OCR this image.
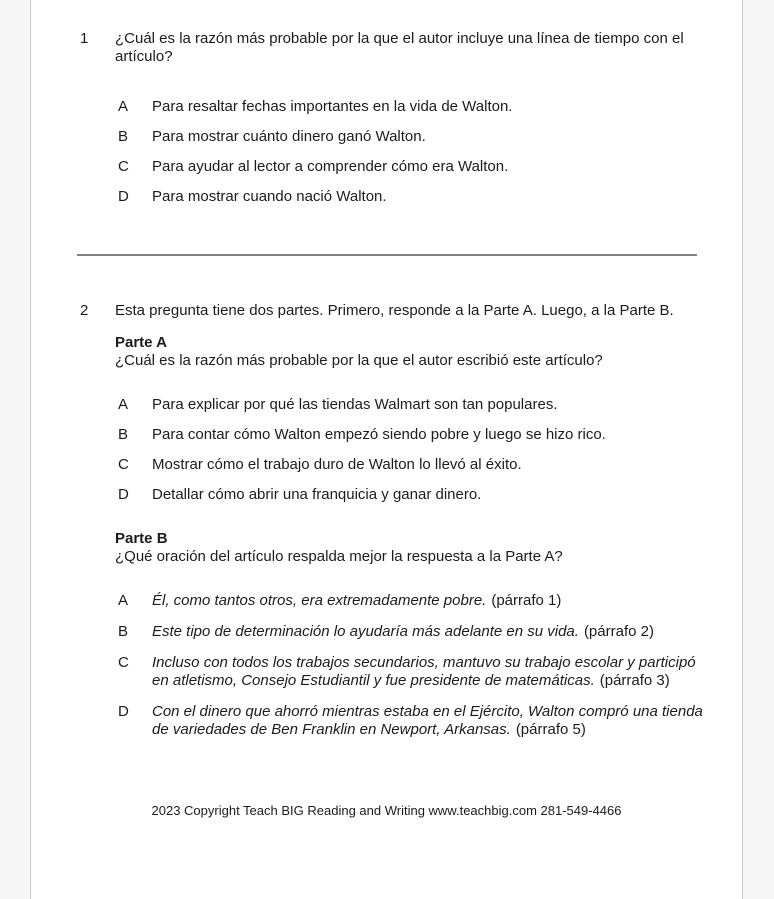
1	¿Cuál es la razón más probable por la que el autor incluye una línea de tiempo con el artículo?
A	Para resaltar fechas importantes en la vida de Walton.
B	Para mostrar cuánto dinero ganó Walton.
C	Para ayudar al lector a comprender cómo era Walton.
D	Para mostrar cuando nació Walton.
2	Esta pregunta tiene dos partes. Primero, responde a la Parte A. Luego, a la Parte B.
Parte A
¿Cuál es la razón más probable por la que el autor escribió este artículo?
A	Para explicar por qué las tiendas Walmart son tan populares.
B	Para contar cómo Walton empezó siendo pobre y luego se hizo rico.
C	Mostrar cómo el trabajo duro de Walton lo llevó al éxito.
D	Detallar cómo abrir una franquicia y ganar dinero.
Parte B
¿Qué oración del artículo respalda mejor la respuesta a la Parte A?
A	Él, como tantos otros, era extremadamente pobre. (párrafo 1)
B	Este tipo de determinación lo ayudaría más adelante en su vida. (párrafo 2)
C	Incluso con todos los trabajos secundarios, mantuvo su trabajo escolar y participó en atletismo, Consejo Estudiantil y fue presidente de matemáticas. (párrafo 3)
D	Con el dinero que ahorró mientras estaba en el Ejército, Walton compró una tienda de variedades de Ben Franklin en Newport, Arkansas. (párrafo 5)
2023 Copyright Teach BIG Reading and Writing www.teachbig.com 281-549-4466
